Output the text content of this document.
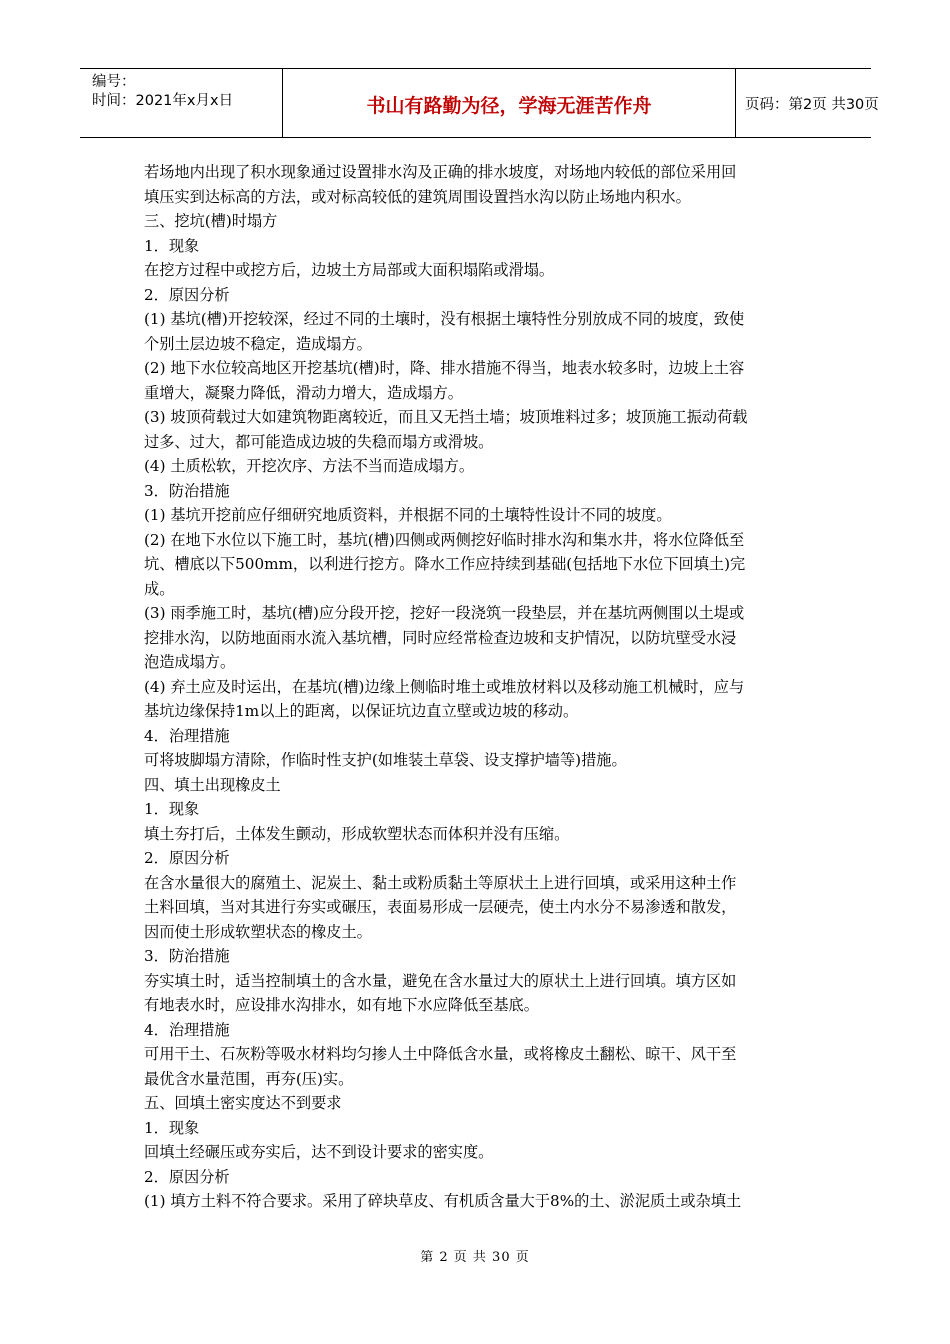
编号：
时间：2021年x月x日	书山有路勤为径，学海无涯苦作舟	页码：第2页 共30页

若场地内出现了积水现象通过设置排水沟及正确的排水坡度，对场地内较低的部位采用回

填压实到达标高的方法，或对标高较低的建筑周围设置挡水沟以防止场地内积水。

三、挖坑(槽)时塌方

1．现象

在挖方过程中或挖方后，边坡土方局部或大面积塌陷或滑塌。

2．原因分析

(1) 基坑(槽)开挖较深，经过不同的土壤时，没有根据土壤特性分别放成不同的坡度，致使

个别土层边坡不稳定，造成塌方。

(2) 地下水位较高地区开挖基坑(槽)时，降、排水措施不得当，地表水较多时，边坡上土容

重增大，凝聚力降低，滑动力增大，造成塌方。

(3) 坡顶荷载过大如建筑物距离较近，而且又无挡土墙；坡顶堆料过多；坡顶施工振动荷载

过多、过大，都可能造成边坡的失稳而塌方或滑坡。

(4) 土质松软，开挖次序、方法不当而造成塌方。

3．防治措施

(1) 基坑开挖前应仔细研究地质资料，并根据不同的土壤特性设计不同的坡度。

(2) 在地下水位以下施工时，基坑(槽)四侧或两侧挖好临时排水沟和集水井，将水位降低至

坑、槽底以下500mm，以利进行挖方。降水工作应持续到基础(包括地下水位下回填土)完

成。

(3) 雨季施工时，基坑(槽)应分段开挖，挖好一段浇筑一段垫层，并在基坑两侧围以土堤或

挖排水沟，以防地面雨水流入基坑槽，同时应经常检查边坡和支护情况，以防坑壁受水浸

泡造成塌方。

(4) 弃土应及时运出，在基坑(槽)边缘上侧临时堆土或堆放材料以及移动施工机械时，应与

基坑边缘保持1m以上的距离，以保证坑边直立壁或边坡的移动。

4．治理措施

可将坡脚塌方清除，作临时性支护(如堆装土草袋、设支撑护墙等)措施。

四、填土出现橡皮土

1．现象

填土夯打后，土体发生颤动，形成软塑状态而体积并没有压缩。

2．原因分析

在含水量很大的腐殖土、泥炭土、黏土或粉质黏土等原状土上进行回填，或采用这种土作

土料回填，当对其进行夯实或碾压，表面易形成一层硬壳，使土内水分不易渗透和散发，

因而使土形成软塑状态的橡皮土。

3．防治措施

夯实填土时，适当控制填土的含水量，避免在含水量过大的原状土上进行回填。填方区如

有地表水时，应设排水沟排水，如有地下水应降低至基底。

4．治理措施

可用干土、石灰粉等吸水材料均匀掺人土中降低含水量，或将橡皮土翻松、晾干、风干至

最优含水量范围，再夯(压)实。

五、回填土密实度达不到要求

1．现象

回填土经碾压或夯实后，达不到设计要求的密实度。

2．原因分析

(1) 填方土料不符合要求。采用了碎块草皮、有机质含量大于8%的土、淤泥质土或杂填土

第 2 页 共 30 页
